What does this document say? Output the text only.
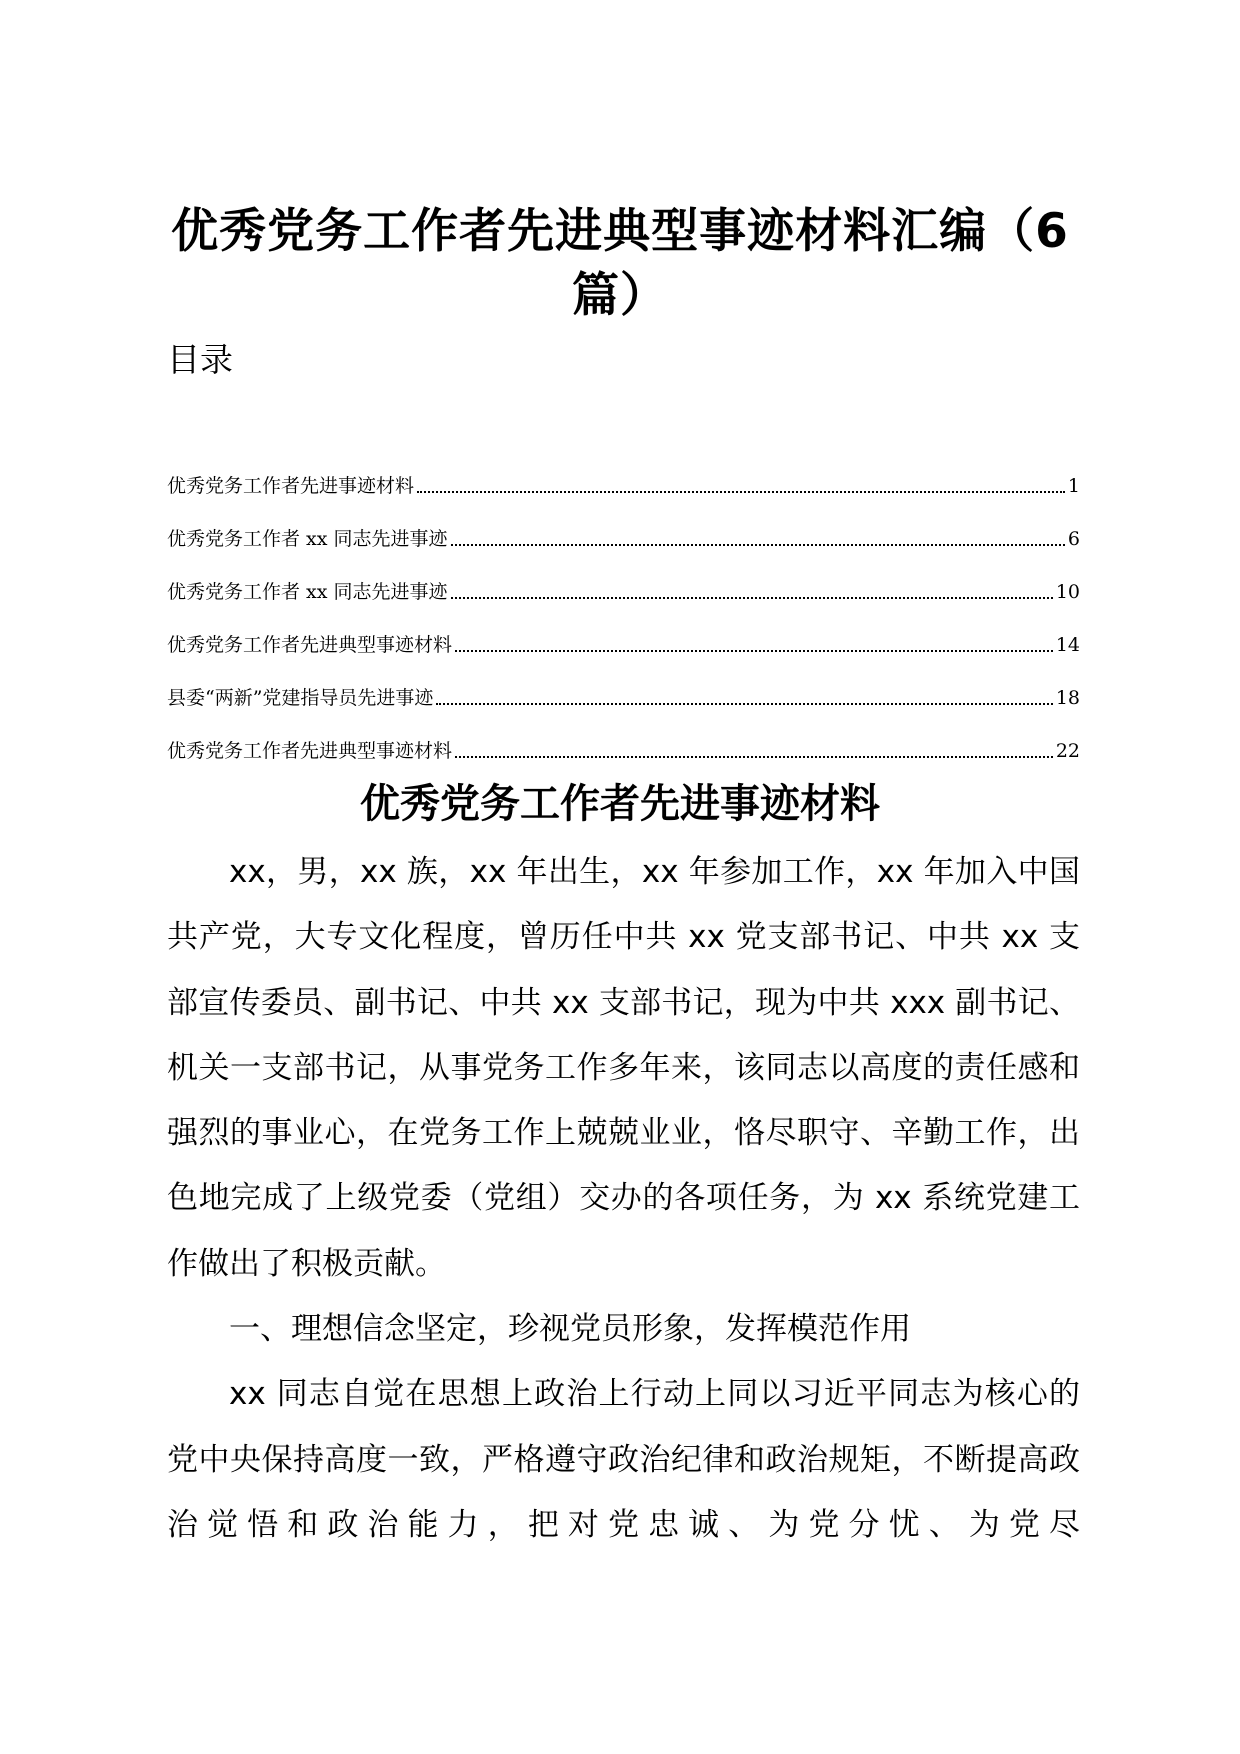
优秀党务工作者先进典型事迹材料汇编（6篇）
目录
优秀党务工作者先进事迹材料	1
优秀党务工作者 xx 同志先进事迹	6
优秀党务工作者 xx 同志先进事迹	10
优秀党务工作者先进典型事迹材料	14
县委“两新”党建指导员先进事迹	18
优秀党务工作者先进典型事迹材料	22
优秀党务工作者先进事迹材料

xx，男，xx 族，xx 年出生，xx 年参加工作，xx 年加入中国共产党，大专文化程度，曾历任中共 xx 党支部书记、中共 xx 支部宣传委员、副书记、中共 xx 支部书记，现为中共 xxx 副书记、机关一支部书记，从事党务工作多年来，该同志以高度的责任感和强烈的事业心，在党务工作上兢兢业业，恪尽职守、辛勤工作，出色地完成了上级党委（党组）交办的各项任务，为 xx 系统党建工作做出了积极贡献。

一、理想信念坚定，珍视党员形象，发挥模范作用

xx 同志自觉在思想上政治上行动上同以习近平同志为核心的党中央保持高度一致，严格遵守政治纪律和政治规矩，不断提高政治觉悟和政治能力，把对党忠诚、为党分忧、为党尽
